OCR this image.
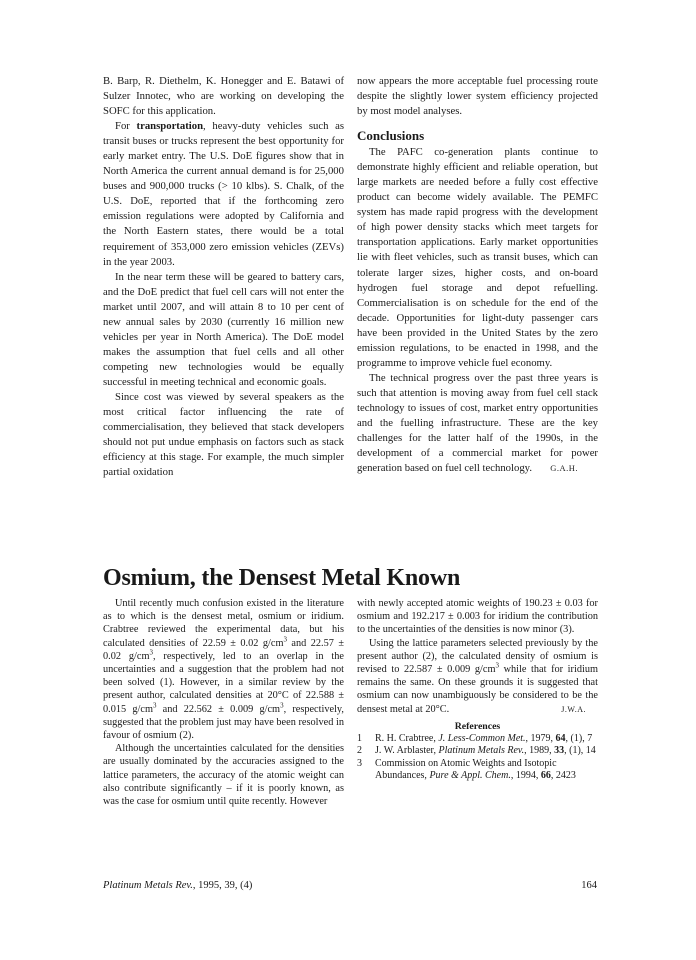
B. Barp, R. Diethelm, K. Honegger and E. Batawi of Sulzer Innotec, who are working on developing the SOFC for this application.

For transportation, heavy-duty vehicles such as transit buses or trucks represent the best opportunity for early market entry. The U.S. DoE figures show that in North America the current annual demand is for 25,000 buses and 900,000 trucks (> 10 klbs). S. Chalk, of the U.S. DoE, reported that if the forthcoming zero emission regulations were adopted by California and the North Eastern states, there would be a total requirement of 353,000 zero emission vehicles (ZEVs) in the year 2003.

In the near term these will be geared to battery cars, and the DoE predict that fuel cell cars will not enter the market until 2007, and will attain 8 to 10 per cent of new annual sales by 2030 (currently 16 million new vehicles per year in North America). The DoE model makes the assumption that fuel cells and all other competing new technologies would be equally successful in meeting technical and economic goals.

Since cost was viewed by several speakers as the most critical factor influencing the rate of commercialisation, they believed that stack developers should not put undue emphasis on factors such as stack efficiency at this stage. For example, the much simpler partial oxidation

now appears the more acceptable fuel processing route despite the slightly lower system efficiency projected by most model analyses.

Conclusions

The PAFC co-generation plants continue to demonstrate highly efficient and reliable operation, but large markets are needed before a fully cost effective product can become widely available. The PEMFC system has made rapid progress with the development of high power density stacks which meet targets for transportation applications. Early market opportunities lie with fleet vehicles, such as transit buses, which can tolerate larger sizes, higher costs, and on-board hydrogen fuel storage and depot refuelling. Commercialisation is on schedule for the end of the decade. Opportunities for light-duty passenger cars have been provided in the United States by the zero emission regulations, to be enacted in 1998, and the programme to improve vehicle fuel economy.

The technical progress over the past three years is such that attention is moving away from fuel cell stack technology to issues of cost, market entry opportunities and the fuelling infrastructure. These are the key challenges for the latter half of the 1990s, in the development of a commercial market for power generation based on fuel cell technology.	G.A.H.

Osmium, the Densest Metal Known

Until recently much confusion existed in the literature as to which is the densest metal, osmium or iridium. Crabtree reviewed the experimental data, but his calculated densities of 22.59 ± 0.02 $g/cm^3$ and 22.57 ± 0.02 $g/cm^3$, respectively, led to an overlap in the uncertainties and a suggestion that the problem had not been solved (1). However, in a similar review by the present author, calculated densities at 20°C of 22.588 ± 0.015 $g/cm^3$ and 22.562 ± 0.009 $g/cm^3$, respectively, suggested that the problem just may have been resolved in favour of osmium (2).

Although the uncertainties calculated for the densities are usually dominated by the accuracies assigned to the lattice parameters, the accuracy of the atomic weight can also contribute significantly – if it is poorly known, as was the case for osmium until quite recently. However

with newly accepted atomic weights of 190.23 ± 0.03 for osmium and 192.217 ± 0.003 for iridium the contribution to the uncertainties of the densities is now minor (3).

Using the lattice parameters selected previously by the present author (2), the calculated density of osmium is revised to 22.587 ± 0.009 $g/cm^3$ while that for iridium remains the same. On these grounds it is suggested that osmium can now unambiguously be considered to be the densest metal at 20°C.	J.W.A.

References
1	R. H. Crabtree, J. Less-Common Met., 1979, 64, (1), 7
2	J. W. Arblaster, Platinum Metals Rev., 1989, 33, (1), 14
3	Commission on Atomic Weights and Isotopic Abundances, Pure & Appl. Chem., 1994, 66, 2423
Platinum Metals Rev., 1995, 39, (4)	164
